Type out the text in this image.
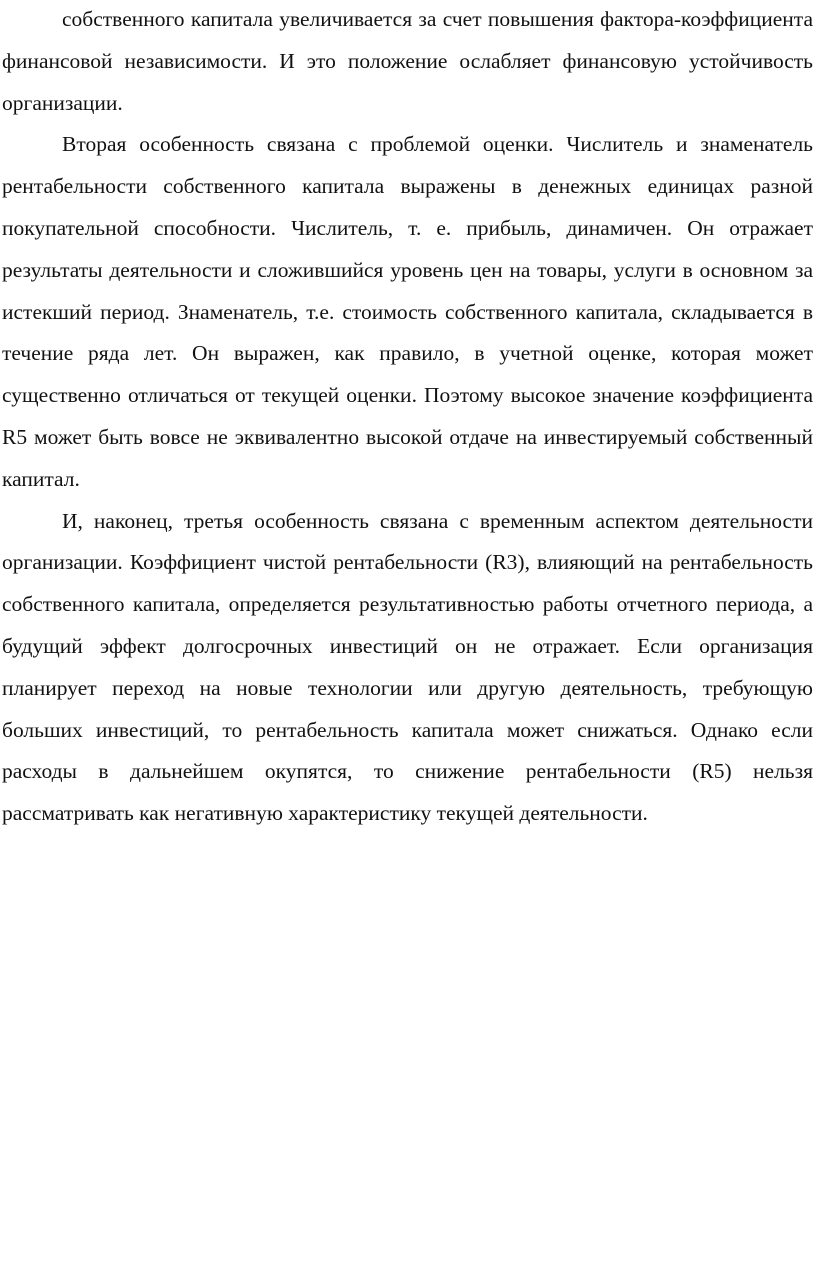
собственного капитала увеличивается за счет повышения фактора-коэффициента финансовой независимости. И это положение ослабляет финансовую устойчивость организации.

Вторая особенность связана с проблемой оценки. Числитель и знаменатель рентабельности собственного капитала выражены в денежных единицах разной покупательной способности. Числитель, т. е. прибыль, динамичен. Он отражает результаты деятельности и сложившийся уровень цен на товары, услуги в основном за истекший период. Знаменатель, т.е. стоимость собственного капитала, складывается в течение ряда лет. Он выражен, как правило, в учетной оценке, которая может существенно отличаться от текущей оценки. Поэтому высокое значение коэффициента R5 может быть вовсе не эквивалентно высокой отдаче на инвестируемый собственный капитал.

И, наконец, третья особенность связана с временным аспектом деятельности организации. Коэффициент чистой рентабельности (R3), влияющий на рентабельность собственного капитала, определяется результативностью работы отчетного периода, а будущий эффект долгосрочных инвестиций он не отражает. Если организация планирует переход на новые технологии или другую деятельность, требующую больших инвестиций, то рентабельность капитала может снижаться. Однако если расходы в дальнейшем окупятся, то снижение рентабельности (R5) нельзя рассматривать как негативную характеристику текущей деятельности.
